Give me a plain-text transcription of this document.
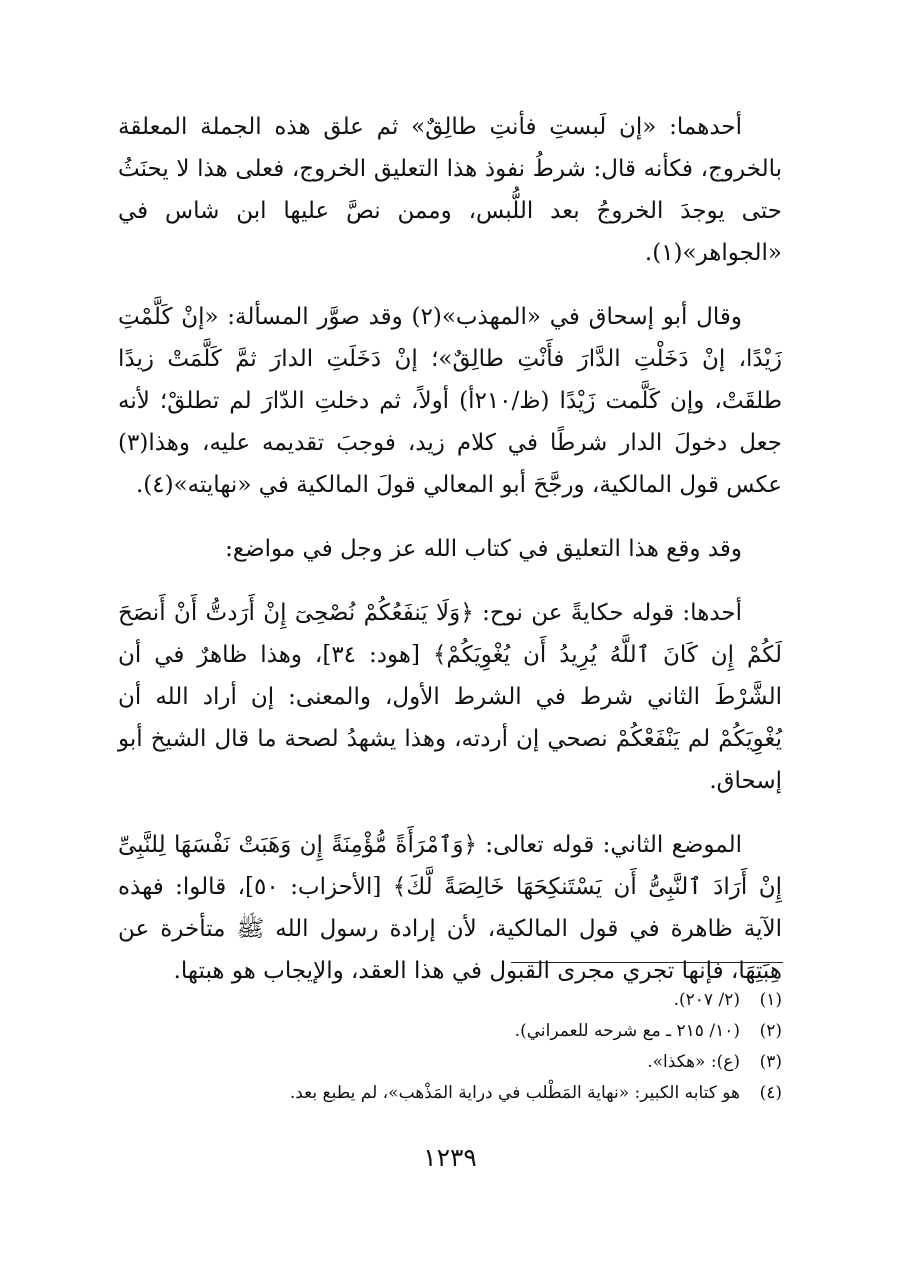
أحدهما: «إن لَبستِ فأنتِ طالِقٌ» ثم علق هذه الجملة المعلقة بالخروج، فكأنه قال: شرطُ نفوذ هذا التعليق الخروج، فعلى هذا لا يحنَثُ حتى يوجدَ الخروجُ بعد اللُّبس، وممن نصَّ عليها ابن شاس في «الجواهر»(١).

وقال أبو إسحاق في «المهذب»(٢) وقد صوَّر المسألة: «إنْ كَلَّمْتِ زَيْدًا، إنْ دَخَلْتِ الدَّارَ فأَنْتِ طالِقٌ»؛ إنْ دَخَلَتِ الدارَ ثمَّ كَلَّمَتْ زيدًا طلقَتْ، وإن كَلَّمت زَيْدًا (ظ/٢١٠أ) أولاً، ثم دخلتِ الدّارَ لم تطلقْ؛ لأنه جعل دخولَ الدار شرطًا في كلام زيد، فوجبَ تقديمه عليه، وهذا(٣) عكس قول المالكية، ورجَّحَ أبو المعالي قولَ المالكية في «نهايته»(٤).

وقد وقع هذا التعليق في كتاب الله عز وجل في مواضع:

أحدها: قوله حكايةً عن نوح: ﴿وَلَا يَنفَعُكُمْ نُصْحِىٓ إِنْ أَرَدتُّ أَنْ أَنصَحَ لَكُمْ إِن كَانَ ٱللَّهُ يُرِيدُ أَن يُغْوِيَكُمْ﴾ [هود: ٣٤]، وهذا ظاهرٌ في أن الشَّرْطَ الثاني شرط في الشرط الأول، والمعنى: إن أراد الله أن يُغْوِيَكُمْ لم يَنْفَعْكُمْ نصحي إن أردته، وهذا يشهدُ لصحة ما قال الشيخ أبو إسحاق.

الموضع الثاني: قوله تعالى: ﴿وَٱمْرَأَةً مُّؤْمِنَةً إِن وَهَبَتْ نَفْسَهَا لِلنَّبِىِّ إِنْ أَرَادَ ٱلنَّبِىُّ أَن يَسْتَنكِحَهَا خَالِصَةً لَّكَ﴾ [الأحزاب: ٥٠]، قالوا: فهذه الآية ظاهرة في قول المالكية، لأن إرادة رسول الله ﷺ متأخرة عن هِبَتِهَا، فإنها تجري مجرى القبول في هذا العقد، والإيجاب هو هبتها.

(١)
(٢/ ٢٠٧).
(٢)
(١٠/ ٢١٥ ـ مع شرحه للعمراني).
(٣)
(ع): «هكذا».
(٤)
هو كتابه الكبير: «نهاية المَطْلب في دراية المَذْهب»، لم يطبع بعد.
١٢٣٩
